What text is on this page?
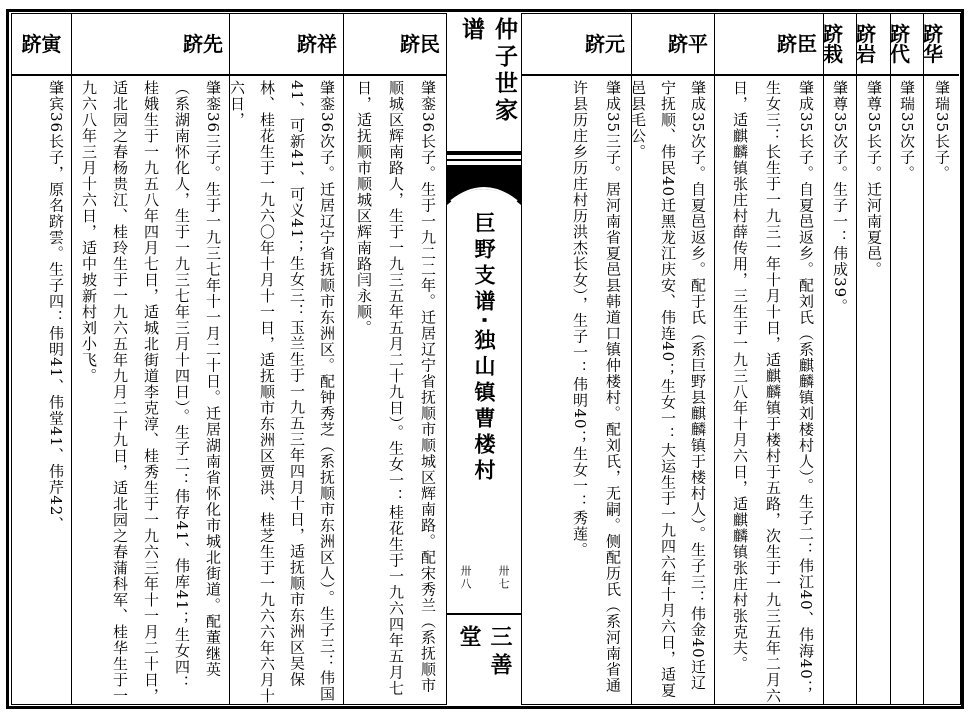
跻华
跻代
跻岩
跻栽
跻臣
跻平
跻元
跻民
跻祥
跻先
跻寅
肇瑞35长子。
肇瑞35次子。
肇尊35长子。迁河南夏邑。
肇尊35次子。生子一：伟成39。
肇成35长子。自夏邑返乡。配刘氏（系麒麟镇刘楼村人）。生子二：伟江40、伟海40；生女三：长生于一九三一年十月十日，适麒麟镇于楼村于五路，次生于一九三五年二月六日，适麒麟镇张庄村薛传用，三生于一九三八年十月六日，适麒麟镇张庄村张克夫。
肇成35次子。自夏邑返乡。配于氏（系巨野县麒麟镇于楼村人）。生子三：伟金40迁辽宁抚顺、伟民40迁黑龙江庆安、伟连40；生女一：大运生于一九四六年十月六日，适夏邑县毛公。
肇成35三子。居河南省夏邑县韩道口镇仲楼村。配刘氏，无嗣。侧配历氏（系河南省通许县历庄乡历庄村历洪杰长女），生子一：伟明40；生女一：秀莲。
仲子世家谱
巨野支谱·独山镇曹楼村
卅八 卅七
三善堂
肇銮36长子。生于一九二二年。迁居辽宁省抚顺市顺城区辉南路。配宋秀兰（系抚顺市顺城区辉南路人，生于一九三五年五月二十九日）。生女一：桂花生于一九六四年五月七日，适抚顺市顺城区辉南路闫永顺。
肇銮36次子。迁居辽宁省抚顺市东洲区。配钟秀芝（系抚顺市东洲区人）。生子三：伟国41、可新41、可义41；生女三：玉兰生于一九五三年四月十日，适抚顺市东洲区吴保林、桂花生于一九六〇年十月十一日，适抚顺市东洲区贾洪、桂芝生于一九六六年六月十六日，
肇銮36三子。生于一九三七年十一月二十日。迁居湖南省怀化市城北街道。配董继英（系湖南怀化人，生于一九三七年三月十四日）。生子二：伟存41、伟库41；生女四：桂娥生于一九五八年四月七日，适城北街道李克淳、桂秀生于一九六三年十一月二十日，适北园之春杨贵江、桂玲生于一九六五年九月二十九日，适北园之春蒲科军、桂华生于一九六八年三月十六日，适中坡新村刘小飞。
肇宾36长子，原名跻雲。生子四：伟明41、伟堂41、伟芹42、
